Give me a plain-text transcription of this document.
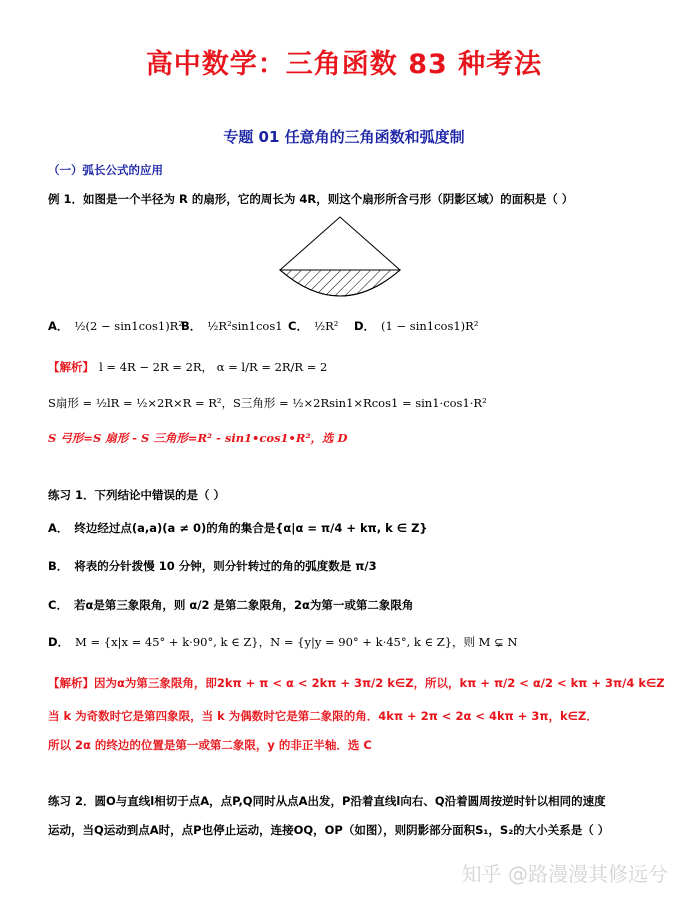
高中数学：三角函数 83 种考法
专题 01 任意角的三角函数和弧度制
（一）弧长公式的应用
例 1．如图是一个半径为 R 的扇形，它的周长为 4R，则这个扇形所含弓形（阴影区域）的面积是（ ）
A． ½(2 − sin1cos1)R²
B． ½R²sin1cos1 C． ½R² D． (1 − sin1cos1)R²
【解析】 l = 4R − 2R = 2R， α = l/R = 2R/R = 2
S扇形 = ½lR = ½×2R×R = R²，S三角形 = ½×2Rsin1×Rcos1 = sin1·cos1·R²
S 弓形=S 扇形 - S 三角形=R² - sin1•cos1•R²，选 D
练习 1．下列结论中错误的是（ ）
A． 终边经过点(a,a)(a ≠ 0)的角的集合是{α|α = π/4 + kπ, k ∈ Z}
B． 将表的分针拨慢 10 分钟，则分针转过的角的弧度数是 π/3
C． 若α是第三象限角，则 α/2 是第二象限角，2α为第一或第二象限角
D． M = {x|x = 45° + k·90°, k ∈ Z}，N = {y|y = 90° + k·45°, k ∈ Z}，则 M ⊊ N
【解析】因为α为第三象限角，即2kπ + π < α < 2kπ + 3π/2 k∈Z，所以，kπ + π/2 < α/2 < kπ + 3π/4 k∈Z
当 k 为奇数时它是第四象限，当 k 为偶数时它是第二象限的角．4kπ + 2π < 2α < 4kπ + 3π，k∈Z．
所以 2α 的终边的位置是第一或第二象限，y 的非正半轴．选 C
练习 2．圆O与直线l相切于点A，点P,Q同时从点A出发，P沿着直线l向右、Q沿着圆周按逆时针以相同的速度
运动，当Q运动到点A时，点P也停止运动，连接OQ，OP（如图），则阴影部分面积S₁，S₂的大小关系是（ ）
知乎 @路漫漫其修远兮
